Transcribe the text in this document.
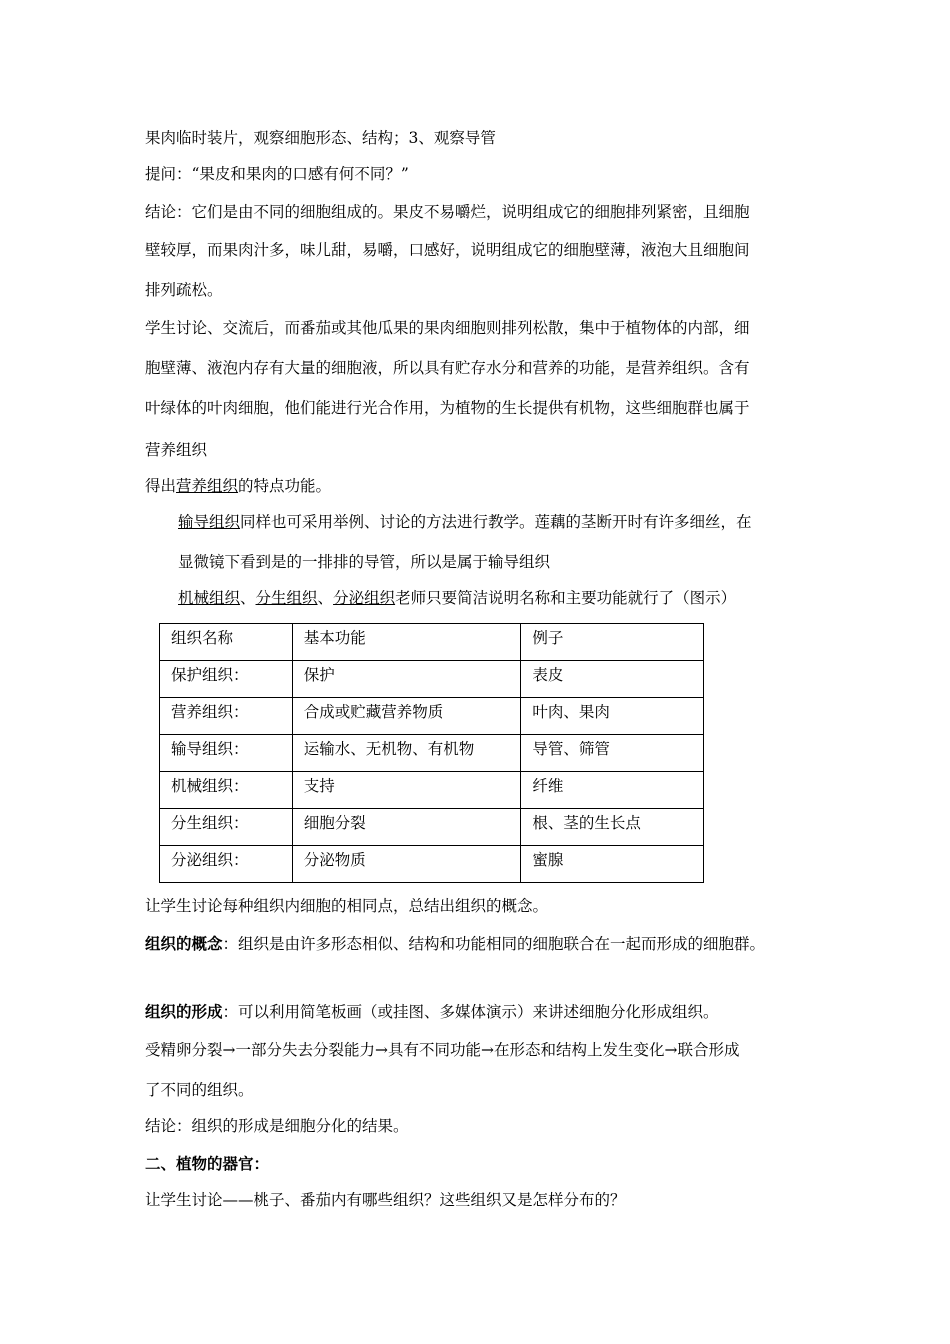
果肉临时装片，观察细胞形态、结构；3、观察导管
提问：“果皮和果肉的口感有何不同？”
结论：它们是由不同的细胞组成的。果皮不易嚼烂，说明组成它的细胞排列紧密，且细胞
壁较厚，而果肉汁多，味儿甜，易嚼，口感好，说明组成它的细胞壁薄，液泡大且细胞间
排列疏松。
学生讨论、交流后，而番茄或其他瓜果的果肉细胞则排列松散，集中于植物体的内部，细
胞壁薄、液泡内存有大量的细胞液，所以具有贮存水分和营养的功能，是营养组织。含有
叶绿体的叶肉细胞，他们能进行光合作用，为植物的生长提供有机物，这些细胞群也属于
营养组织
得出营养组织的特点功能。
输导组织同样也可采用举例、讨论的方法进行教学。莲藕的茎断开时有许多细丝，在
显微镜下看到是的一排排的导管，所以是属于输导组织
机械组织、分生组织、分泌组织老师只要简洁说明名称和主要功能就行了（图示）
组织名称	基本功能	例子
保护组织：	保护	表皮
营养组织：	合成或贮藏营养物质	叶肉、果肉
输导组织：	运输水、无机物、有机物	导管、筛管
机械组织：	支持	纤维
分生组织：	细胞分裂	根、茎的生长点
分泌组织：	分泌物质	蜜腺
让学生讨论每种组织内细胞的相同点，总结出组织的概念。
组织的概念：组织是由许多形态相似、结构和功能相同的细胞联合在一起而形成的细胞群。
组织的形成：可以利用简笔板画（或挂图、多媒体演示）来讲述细胞分化形成组织。
受精卵分裂→一部分失去分裂能力→具有不同功能→在形态和结构上发生变化→联合形成
了不同的组织。
结论：组织的形成是细胞分化的结果。
二、植物的器官：
让学生讨论——桃子、番茄内有哪些组织？这些组织又是怎样分布的？
